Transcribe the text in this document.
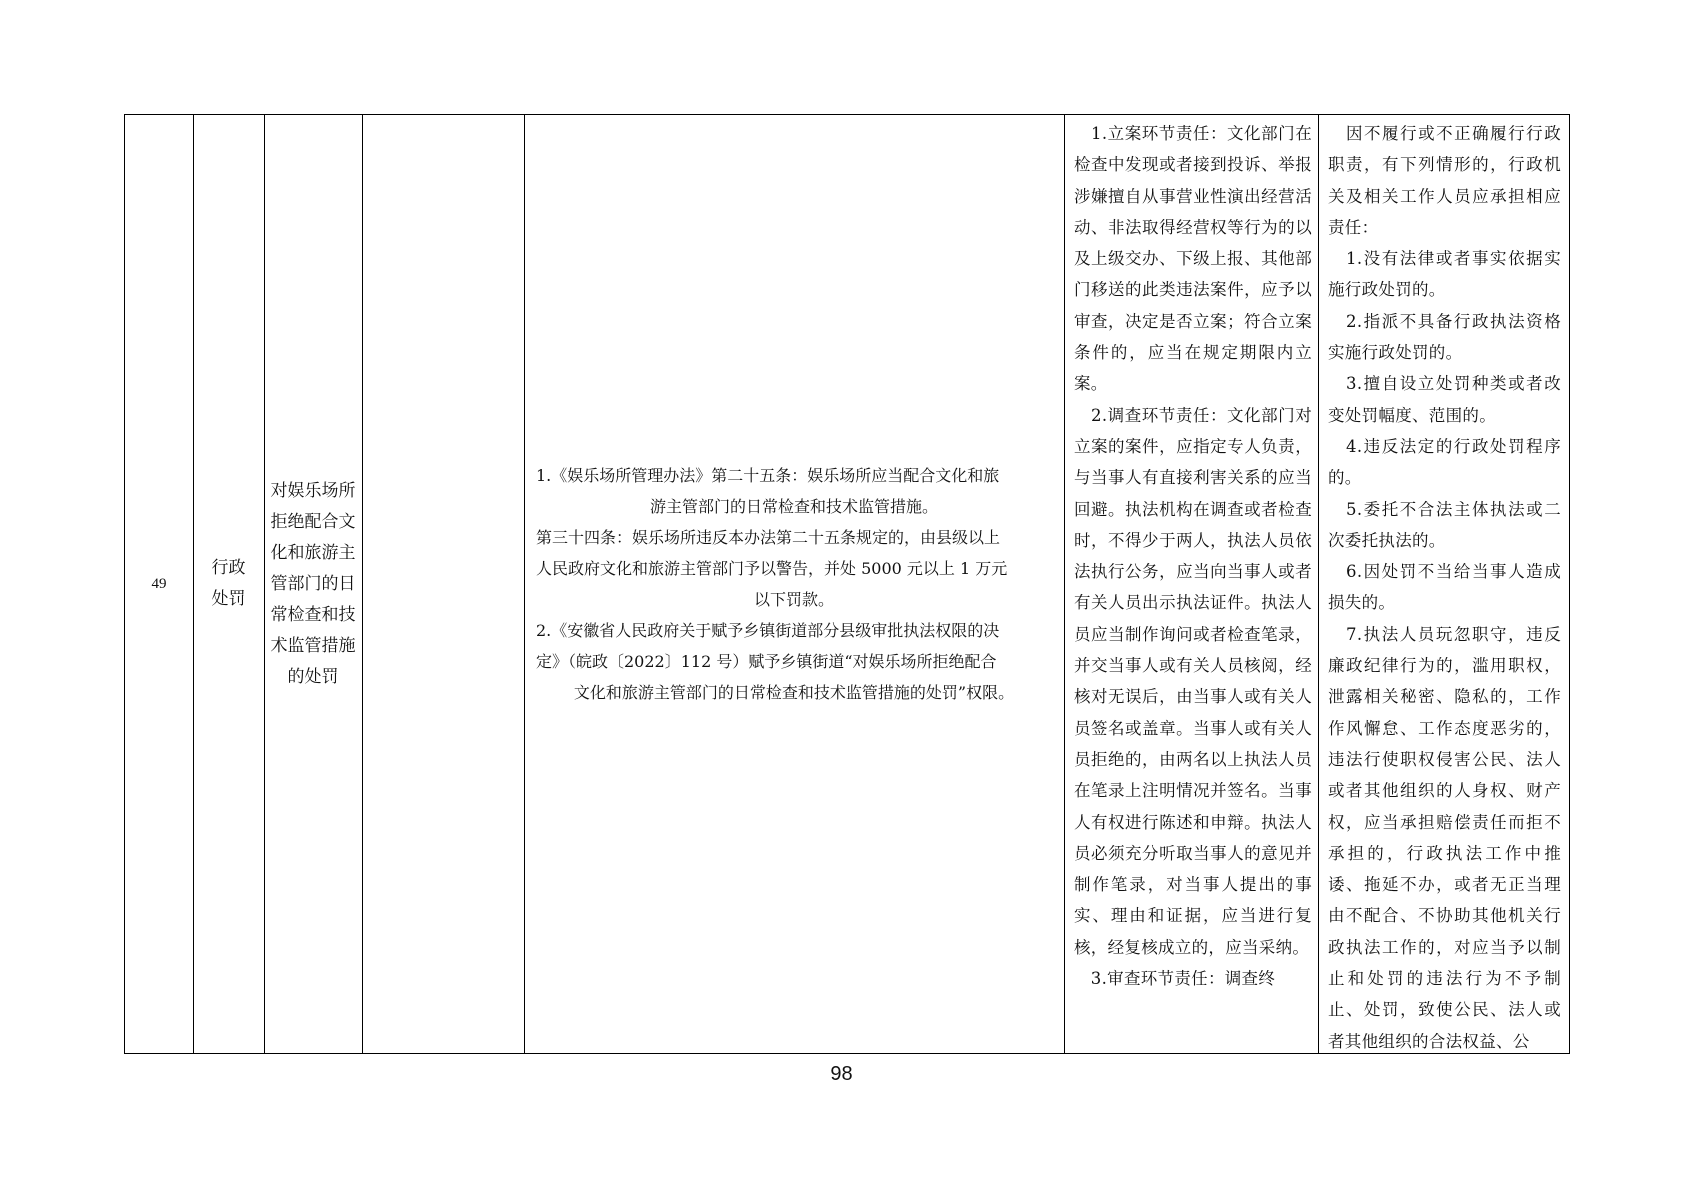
49
行政处罚
对娱乐场所拒绝配合文化和旅游主管部门的日常检查和技术监管措施的处罚

1.《娱乐场所管理办法》第二十五条：娱乐场所应当配合文化和旅

游主管部门的日常检查和技术监管措施。

第三十四条：娱乐场所违反本办法第二十五条规定的，由县级以上

人民政府文化和旅游主管部门予以警告，并处 5000 元以上 1 万元

以下罚款。

2.《安徽省人民政府关于赋予乡镇街道部分县级审批执法权限的决

定》（皖政〔2022〕112 号）赋予乡镇街道“对娱乐场所拒绝配合

文化和旅游主管部门的日常检查和技术监管措施的处罚”权限。

　1.立案环节责任：文化部门在检查中发现或者接到投诉、举报涉嫌擅自从事营业性演出经营活动、非法取得经营权等行为的以及上级交办、下级上报、其他部门移送的此类违法案件，应予以审查，决定是否立案；符合立案条件的，应当在规定期限内立案。

　2.调查环节责任：文化部门对立案的案件，应指定专人负责，与当事人有直接利害关系的应当回避。执法机构在调查或者检查时，不得少于两人，执法人员依法执行公务，应当向当事人或者有关人员出示执法证件。执法人员应当制作询问或者检查笔录，并交当事人或有关人员核阅，经核对无误后，由当事人或有关人员签名或盖章。当事人或有关人员拒绝的，由两名以上执法人员在笔录上注明情况并签名。当事人有权进行陈述和申辩。执法人员必须充分听取当事人的意见并制作笔录，对当事人提出的事实、理由和证据，应当进行复核，经复核成立的，应当采纳。

　3.审查环节责任：调查终

　因不履行或不正确履行行政职责，有下列情形的，行政机关及相关工作人员应承担相应责任：

　1.没有法律或者事实依据实施行政处罚的。

　2.指派不具备行政执法资格实施行政处罚的。

　3.擅自设立处罚种类或者改变处罚幅度、范围的。

　4.违反法定的行政处罚程序的。

　5.委托不合法主体执法或二次委托执法的。

　6.因处罚不当给当事人造成损失的。

　7.执法人员玩忽职守，违反廉政纪律行为的，滥用职权，泄露相关秘密、隐私的，工作作风懈怠、工作态度恶劣的，违法行使职权侵害公民、法人或者其他组织的人身权、财产权，应当承担赔偿责任而拒不承担的，行政执法工作中推诿、拖延不办，或者无正当理由不配合、不协助其他机关行政执法工作的，对应当予以制止和处罚的违法行为不予制止、处罚，致使公民、法人或者其他组织的合法权益、公

98
